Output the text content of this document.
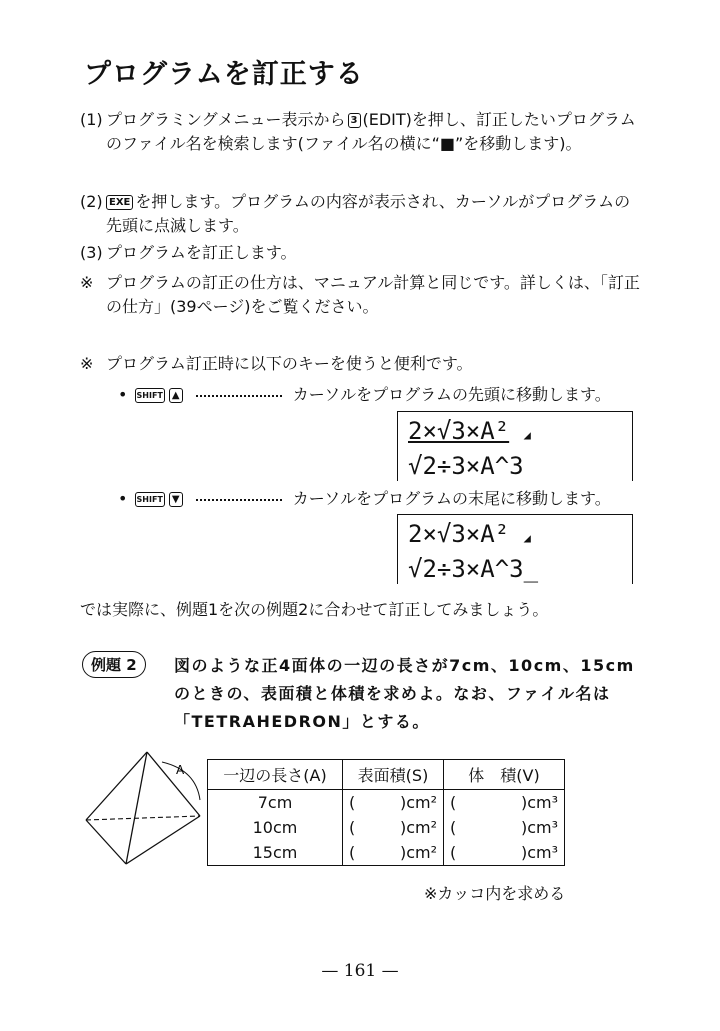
プログラムを訂正する
(1) プログラミングメニュー表示から 3 (EDIT)を押し、訂正したいプログラムのファイル名を検索します(ファイル名の横に“■”を移動します)。
(2) EXE を押します。プログラムの内容が表示され、カーソルがプログラムの先頭に点滅します。
(3) プログラムを訂正します。
※ プログラムの訂正の仕方は、マニュアル計算と同じです。詳しくは、「訂正の仕方」(39ページ)をご覧ください。
※ プログラム訂正時に以下のキーを使うと便利です。
• SHIFT ▲	カーソルをプログラムの先頭に移動します。
2×√3×A² ◢
√2÷3×A^3
• SHIFT ▼	カーソルをプログラムの末尾に移動します。
2×√3×A² ◢
√2÷3×A^3_
では実際に、例題1を次の例題2に合わせて訂正してみましょう。
例題 2	図のような正4面体の一辺の長さが7cm、10cm、15cmのときの、表面積と体積を求めよ。なお、ファイル名は「TETRAHEDRON」とする。
A 一辺の長さ(A)	表面積(S)	体　積(V)
7cm	( )cm²	( )cm³

10cm	( )cm²	( )cm³

15cm	( )cm²	( )cm³
※カッコ内を求める
— 161 —
